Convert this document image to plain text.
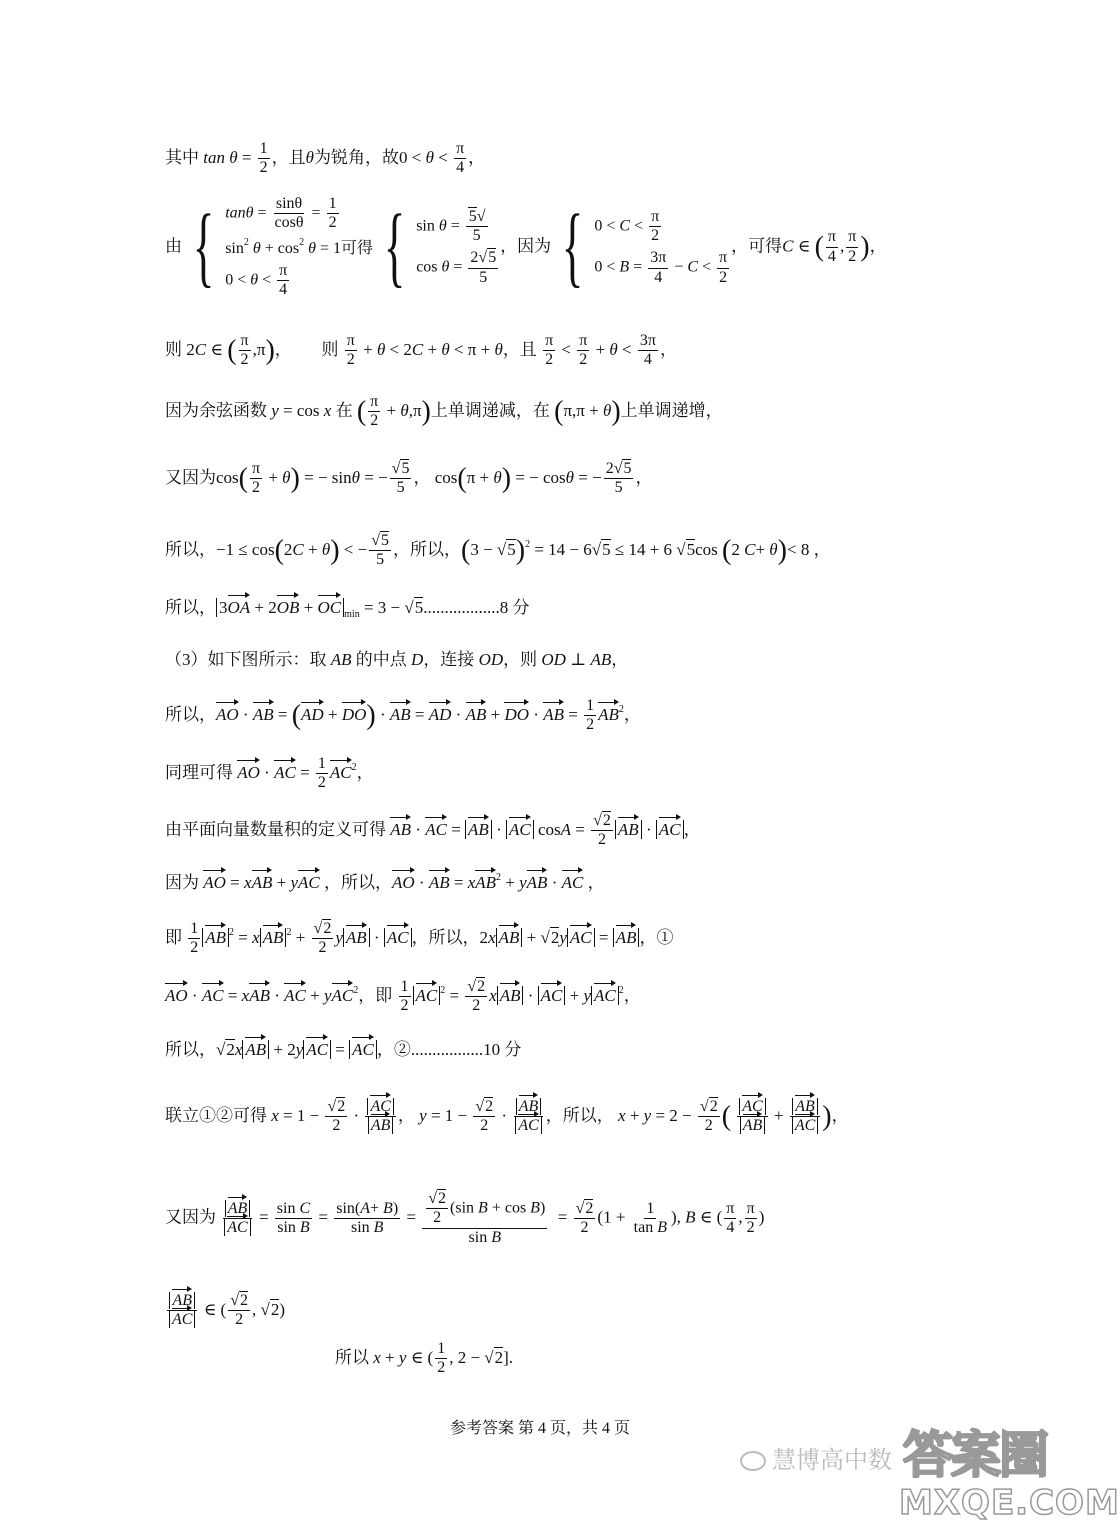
其中 $\tan \theta = \frac{1}{2}$ ，且θ为锐角，故$0 < \theta < \frac{\pi}{4}$ ，
由 { $\tan\theta = \frac{\sin\theta}{\cos\theta} = \frac{1}{2}$
$\sin^2 \theta + \cos^2 \theta = 1$可得
$0 < \theta < \frac{\pi}{4}$ { $\sin \theta = \frac{5√}{5}$
$\cos \theta = \frac{2√5}{5}$
，因为 { $0 < C < \frac{\pi}{2}$
$0 < B = \frac{3\pi}{4} - C < \frac{\pi}{2}$
，可得C ∈ ( $\frac{\pi}{4}$ , $\frac{\pi}{2}$ )，
则 2C ∈ ( $\frac{\pi}{2} ,\pi$)，       则 $\frac{\pi}{2} + \theta < 2C + \theta < \pi + \theta$，且 $\frac{\pi}{2} < \frac{\pi}{2} + \theta < \frac{3\pi}{4}$ ，
因为余弦函数 y = cos x 在 ( $\frac{\pi}{2} + \theta,\pi$)上单调递减，在 (π,π + θ)上单调递增，
又因为$\cos( \frac{\pi}{2} + \theta)$ = − sinθ = − $\frac{√5}{5}$ ， cos(π + θ) = − cosθ = − $\frac{2√5}{5}$ ，
所以，−1 ≤ cos(2C + θ) < − $\frac{√5}{5}$ ，所以，$(3 - √5)^2 = 14 - 6√5 \le 14 + 6$ √5cos (2 C+ θ)< 8 ，
所以， 3OA + 2OB + OC $_{min}$ = 3 − √5..................8 分
（3）如下图所示：取 AB 的中点 D，连接 OD，则 OD ⊥ AB，
所以，AO · AB = (AD + DO) · AB = AD · AB + DO · AB = $\frac{1}{2} AB^2$，
同理可得 AO · AC = $\frac{1}{2} AC^2$，
由平面向量数量积的定义可得 AB · AC = AB · AC $\cos A = \frac{√2}{2}$ AB · AC ，
因为 AO = xAB + yAC ，所以，AO · AB = xAB$^2$ + yAB · AC ，
即 $\frac{1}{2}$ AB $^2$ = x AB $^2 + \frac{√2}{2}$ y AB · AC ，所以，2x AB + √2y AC = AB ，①
AO · AC = xAB · AC + yAC$^2$，即 $\frac{1}{2}$ AC $^2 = \frac{√2}{2}$ x AB · AC + y AC $^2$，
所以，√2x AB + 2y AC = AC ，②.................10 分
联立①②可得 $x = 1 - \frac{√2}{2} \cdot \frac{AC}{AB}$ ， $y = 1 - \frac{√2}{2} \cdot \frac{AB}{AC}$ ，所以， $x + y = 2 - \frac{√2}{2}$ ( $\frac{AC}{AB} + \frac{AB}{AC}$ )，
又因为 $\frac{AB}{AC} = \frac{\text{sin C}}{\text{sin B}} = \frac{\sin(A+ B)}{\text{sin B}} = \frac{\frac{√2}{2} (\sin B + \cos B)}{\text{sin B}} = \frac{√2}{2} (1 + \frac{1}{\text{tan B}}$ ), B ∈ ( $\frac{\pi}{4}$ , $\frac{\pi}{2}$ )
$\frac{AB}{AC}$ ∈ ( $\frac{√2}{2}$ , √2)
所以 x + y ∈ ( $\frac{1}{2}$ , 2 − √2].
参考答案 第 4 页，共 4 页
慧博高中数 答案圈
MXQE.COM
